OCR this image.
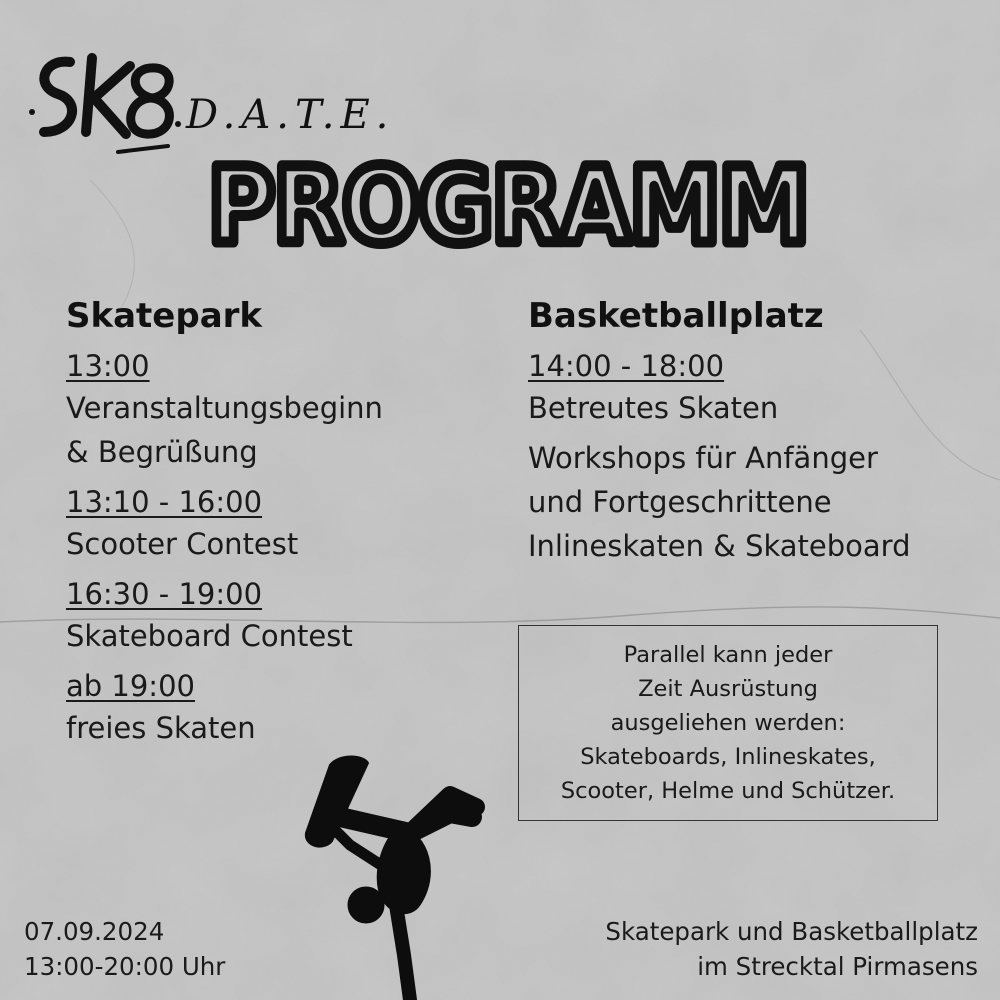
D.A.T.E.
PROGRAMM
Skatepark
13:00
Veranstaltungsbeginn
& Begrüßung
13:10 - 16:00
Scooter Contest
16:30 - 19:00
Skateboard Contest
ab 19:00
freies Skaten
Basketballplatz
14:00 - 18:00
Betreutes Skaten
Workshops für Anfänger
und Fortgeschrittene
Inlineskaten & Skateboard
Parallel kann jeder
Zeit Ausrüstung
ausgeliehen werden:
Skateboards, Inlineskates,
Scooter, Helme und Schützer.
07.09.2024
13:00-20:00 Uhr
Skatepark und Basketballplatz
im Strecktal Pirmasens
